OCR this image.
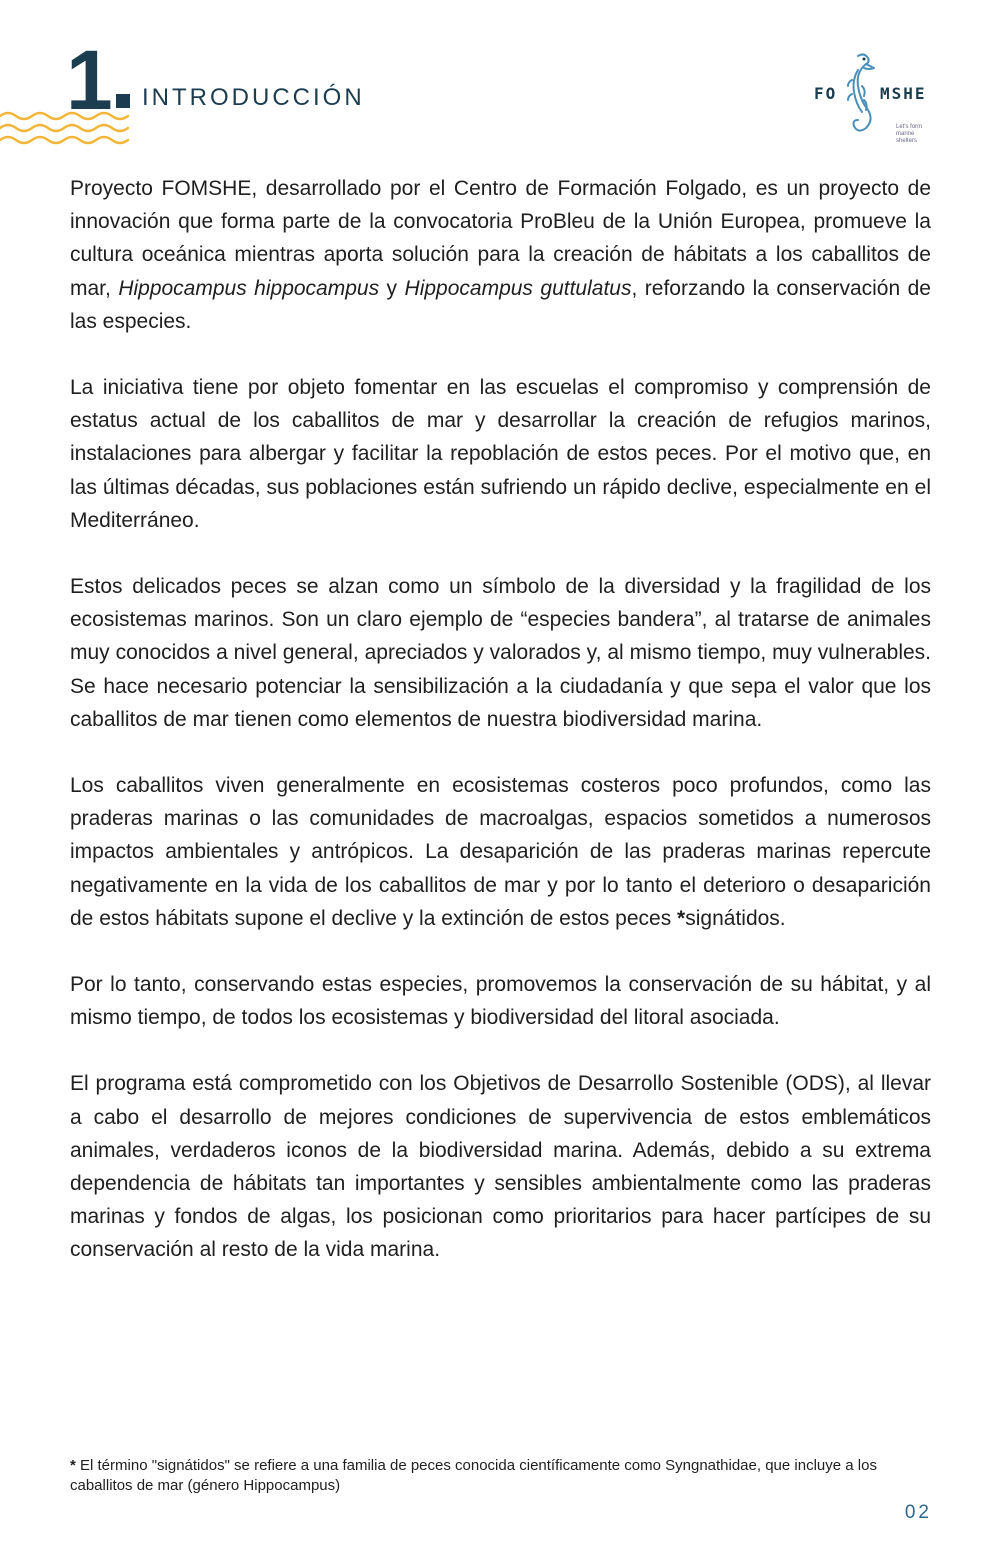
1 INTRODUCCIÓN	FO	MSHE
Let's form marine shelters

Proyecto FOMSHE, desarrollado por el Centro de Formación Folgado, es un proyecto de innovación que forma parte de la convocatoria ProBleu de la Unión Europea, promueve la cultura oceánica mientras aporta solución para la creación de hábitats a los caballitos de mar, Hippocampus hippocampus y Hippocampus guttulatus, reforzando la conservación de las especies.

La iniciativa tiene por objeto fomentar en las escuelas el compromiso y comprensión de estatus actual de los caballitos de mar y desarrollar la creación de refugios marinos, instalaciones para albergar y facilitar la repoblación de estos peces. Por el motivo que, en las últimas décadas, sus poblaciones están sufriendo un rápido declive, especialmente en el Mediterráneo.

Estos delicados peces se alzan como un símbolo de la diversidad y la fragilidad de los ecosistemas marinos. Son un claro ejemplo de “especies bandera”, al tratarse de animales muy conocidos a nivel general, apreciados y valorados y, al mismo tiempo, muy vulnerables. Se hace necesario potenciar la sensibilización a la ciudadanía y que sepa el valor que los caballitos de mar tienen como elementos de nuestra biodiversidad marina.

Los caballitos viven generalmente en ecosistemas costeros poco profundos, como las praderas marinas o las comunidades de macroalgas, espacios sometidos a numerosos impactos ambientales y antrópicos. La desaparición de las praderas marinas repercute negativamente en la vida de los caballitos de mar y por lo tanto el deterioro o desaparición de estos hábitats supone el declive y la extinción de estos peces *signátidos.

Por lo tanto, conservando estas especies, promovemos la conservación de su hábitat, y al mismo tiempo, de todos los ecosistemas y biodiversidad del litoral asociada.

El programa está comprometido con los Objetivos de Desarrollo Sostenible (ODS), al llevar a cabo el desarrollo de mejores condiciones de supervivencia de estos emblemáticos animales, verdaderos iconos de la biodiversidad marina. Además, debido a su extrema dependencia de hábitats tan importantes y sensibles ambientalmente como las praderas marinas y fondos de algas, los posicionan como prioritarios para hacer partícipes de su conservación al resto de la vida marina.

* El término "signátidos" se refiere a una familia de peces conocida científicamente como Syngnathidae, que incluye a los caballitos de mar (género Hippocampus)
02
